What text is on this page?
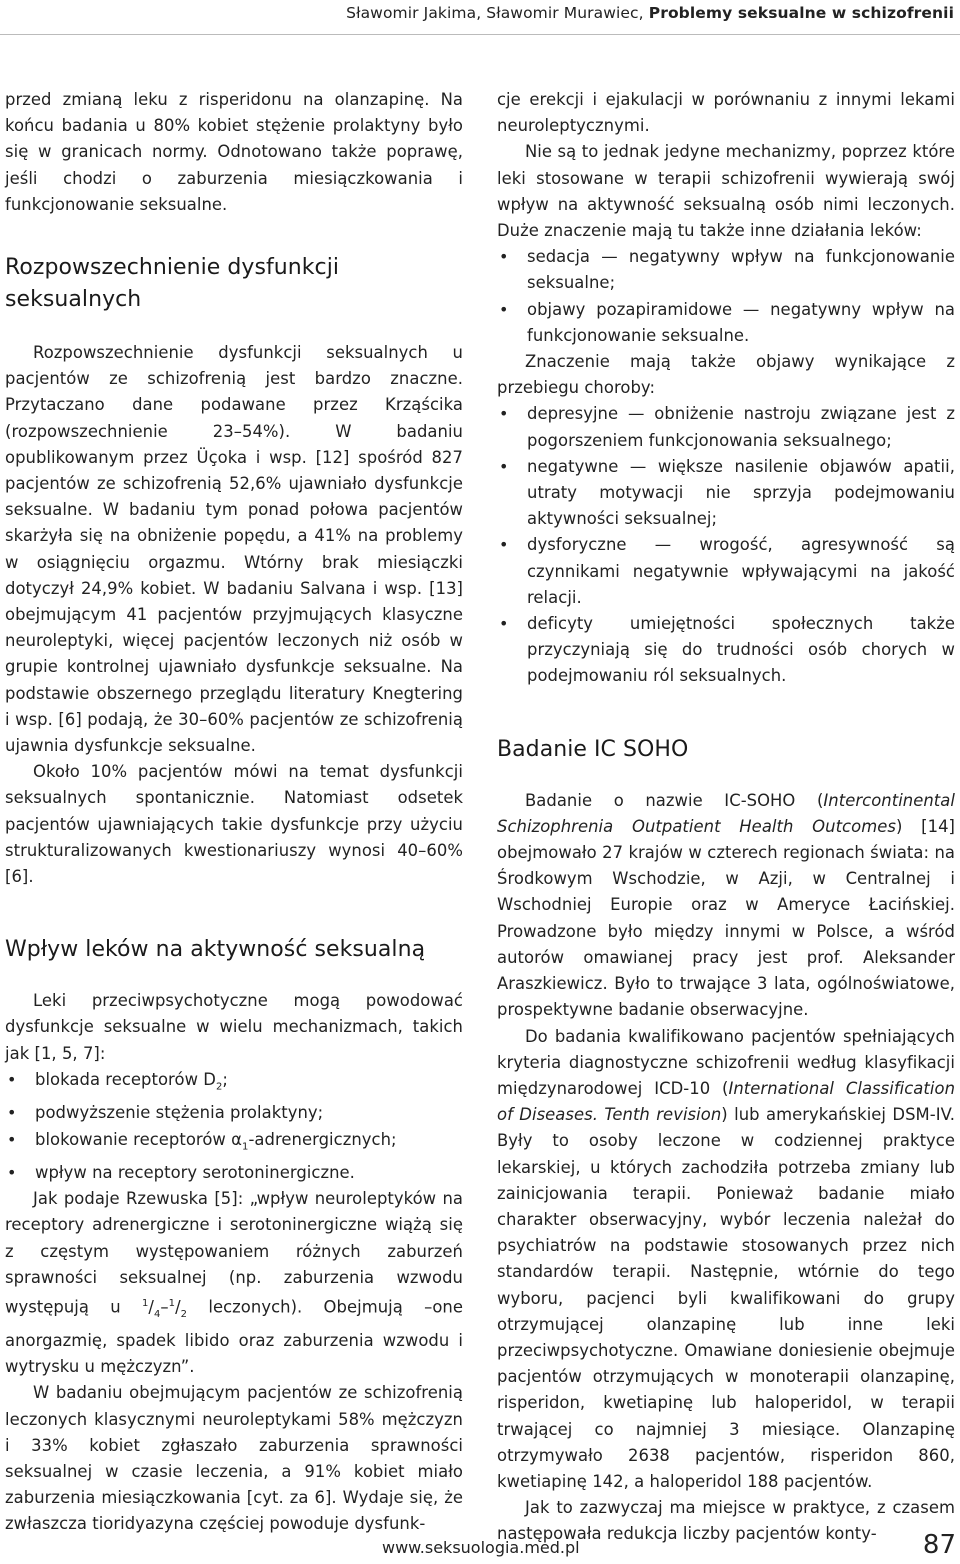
Sławomir Jakima, Sławomir Murawiec, Problemy seksualne w schizofrenii

przed zmianą leku z risperidonu na olanzapinę. Na końcu badania u 80% kobiet stężenie prolaktyny było się w granicach normy. Odnotowano także poprawę, jeśli chodzi o zaburzenia miesiączkowania i funkcjonowanie seksualne.

Rozpowszechnienie dysfunkcji seksualnych

Rozpowszechnienie dysfunkcji seksualnych u pacjentów ze schizofrenią jest bardzo znaczne. Przytaczano dane podawane przez Krząścika (rozpowszechnienie 23–54%). W badaniu opublikowanym przez Üçoka i wsp. [12] spośród 827 pacjentów ze schizofrenią 52,6% ujawniało dysfunkcje seksualne. W badaniu tym ponad połowa pacjentów skarżyła się na obniżenie popędu, a 41% na problemy w osiągnięciu orgazmu. Wtórny brak miesiączki dotyczył 24,9% kobiet. W badaniu Salvana i wsp. [13] obejmującym 41 pacjentów przyjmujących klasyczne neuroleptyki, więcej pacjentów leczonych niż osób w grupie kontrolnej ujawniało dysfunkcje seksualne. Na podstawie obszernego przeglądu literatury Knegtering i wsp. [6] podają, że 30–60% pacjentów ze schizofrenią ujawnia dysfunkcje seksualne.

Około 10% pacjentów mówi na temat dysfunkcji seksualnych spontanicznie. Natomiast odsetek pacjentów ujawniających takie dysfunkcje przy użyciu strukturalizowanych kwestionariuszy wynosi 40–60% [6].

Wpływ leków na aktywność seksualną

Leki przeciwpsychotyczne mogą powodować dysfunkcje seksualne w wielu mechanizmach, takich jak [1, 5, 7]:

• blokada receptorów $D_2$;
• podwyższenie stężenia prolaktyny;
• blokowanie receptorów $\alpha_1$-adrenergicznych;
• wpływ na receptory serotoninergiczne.

Jak podaje Rzewuska [5]: „wpływ neuroleptyków na receptory adrenergiczne i serotoninergiczne wiążą się z częstym występowaniem różnych zaburzeń sprawności seksualnej (np. zaburzenia wzwodu występują u $^1/_4-^1/_2$ leczonych). Obejmują –one anorgazmię, spadek libido oraz zaburzenia wzwodu i wytrysku u mężczyzn”.

W badaniu obejmującym pacjentów ze schizofrenią leczonych klasycznymi neuroleptykami 58% mężczyzn i 33% kobiet zgłaszało zaburzenia sprawności seksualnej w czasie leczenia, a 91% kobiet miało zaburzenia miesiączkowania [cyt. za 6]. Wydaje się, że zwłaszcza tioridyazyna częściej powoduje dysfunk-

cje erekcji i ejakulacji w porównaniu z innymi lekami neuroleptycznymi.

Nie są to jednak jedyne mechanizmy, poprzez które leki stosowane w terapii schizofrenii wywierają swój wpływ na aktywność seksualną osób nimi leczonych. Duże znaczenie mają tu także inne działania leków:

• sedacja — negatywny wpływ na funkcjonowanie seksualne;
• objawy pozapiramidowe — negatywny wpływ na funkcjonowanie seksualne.

Znaczenie mają także objawy wynikające z przebiegu choroby:

• depresyjne — obniżenie nastroju związane jest z pogorszeniem funkcjonowania seksualnego;
• negatywne — większe nasilenie objawów apatii, utraty motywacji nie sprzyja podejmowaniu aktywności seksualnej;
• dysforyczne — wrogość, agresywność są czynnikami negatywnie wpływającymi na jakość relacji.
• deficyty umiejętności społecznych także przyczyniają się do trudności osób chorych w podejmowaniu ról seksualnych.
Badanie IC SOHO

Badanie o nazwie IC-SOHO (Intercontinental Schizophrenia Outpatient Health Outcomes) [14] obejmowało 27 krajów w czterech regionach świata: na Środkowym Wschodzie, w Azji, w Centralnej i Wschodniej Europie oraz w Ameryce Łacińskiej. Prowadzone było między innymi w Polsce, a wśród autorów omawianej pracy jest prof. Aleksander Araszkiewicz. Było to trwające 3 lata, ogólnoświatowe, prospektywne badanie obserwacyjne.

Do badania kwalifikowano pacjentów spełniających kryteria diagnostyczne schizofrenii według klasyfikacji międzynarodowej ICD-10 (International Classification of Diseases. Tenth revision) lub amerykańskiej DSM-IV. Były to osoby leczone w codziennej praktyce lekarskiej, u których zachodziła potrzeba zmiany lub zainicjowania terapii. Ponieważ badanie miało charakter obserwacyjny, wybór leczenia należał do psychiatrów na podstawie stosowanych przez nich standardów terapii. Następnie, wtórnie do tego wyboru, pacjenci byli kwalifikowani do grupy otrzymującej olanzapinę lub inne leki przeciwpsychotyczne. Omawiane doniesienie obejmuje pacjentów otrzymujących w monoterapii olanzapinę, risperidon, kwetiapinę lub haloperidol, w terapii trwającej co najmniej 3 miesiące. Olanzapinę otrzymywało 2638 pacjentów, risperidon 860, kwetiapinę 142, a haloperidol 188 pacjentów.

Jak to zazwyczaj ma miejsce w praktyce, z czasem następowała redukcja liczby pacjentów konty-

www.seksuologia.med.pl	87
